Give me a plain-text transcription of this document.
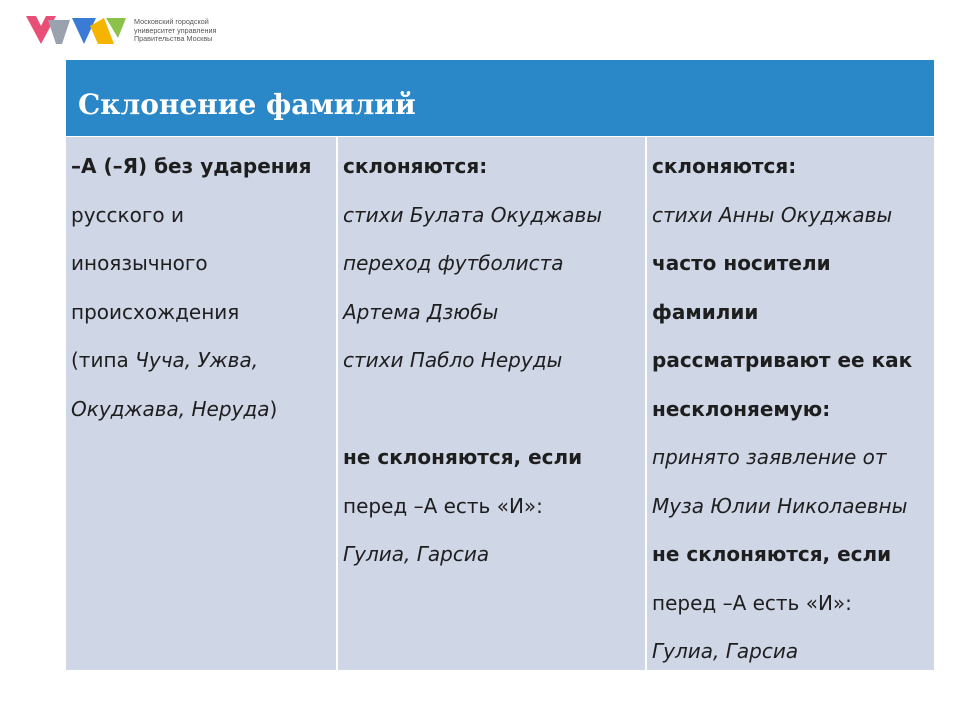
Московский городской
университет управления
Правительства Москвы
Склонение фамилий
–А (–Я) без ударения
русского и
иноязычного
происхождения
(типа Чуча, Ужва,
Окуджава, Неруда)
склоняются:
стихи Булата Окуджавы
переход футболиста
Артема Дзюбы
стихи Пабло Неруды
не склоняются, если
перед –А есть «И»:
Гулиа, Гарсиа
склоняются:
стихи Анны Окуджавы
часто носители
фамилии
рассматривают ее как
несклоняемую:
принято заявление от
Муза Юлии Николаевны
не склоняются, если
перед –А есть «И»:
Гулиа, Гарсиа
